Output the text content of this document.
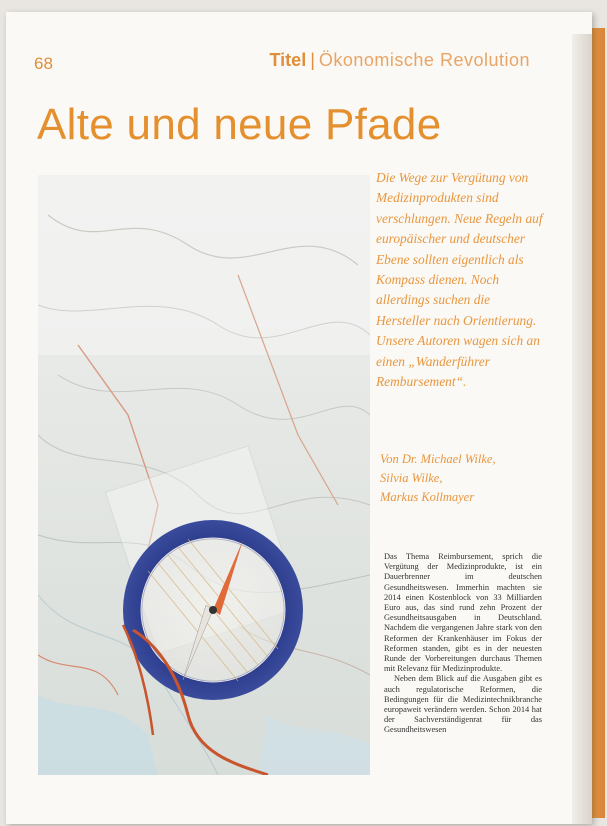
68	Titel | Ökonomische Revolution
Alte und neue Pfade

Die Wege zur Vergütung von Medizinprodukten sind verschlungen. Neue Regeln auf europäischer und deutscher Ebene sollten eigentlich als Kompass dienen. Noch allerdings suchen die Hersteller nach Orientierung. Unsere Autoren wagen sich an einen „Wanderführer Rembursement“.

Von Dr. Michael Wilke,
Silvia Wilke,
Markus Kollmayer

Das Thema Reimbursement, sprich die Vergütung der Medizinprodukte, ist ein Dauerbrenner im deutschen Gesundheitswesen. Immerhin machten sie 2014 einen Kostenblock von 33 Milliarden Euro aus, das sind rund zehn Prozent der Gesundheitsausgaben in Deutschland. Nachdem die vergangenen Jahre stark von den Reformen der Krankenhäuser im Fokus der Reformen standen, gibt es in der neuesten Runde der Vorbereitungen durchaus Themen mit Relevanz für Medizinprodukte.

Neben dem Blick auf die Ausgaben gibt es auch regulatorische Reformen, die Bedingungen für die Medizintechnikbranche europaweit verändern werden. Schon 2014 hat der Sachverständigenrat für das Gesundheitswesen
